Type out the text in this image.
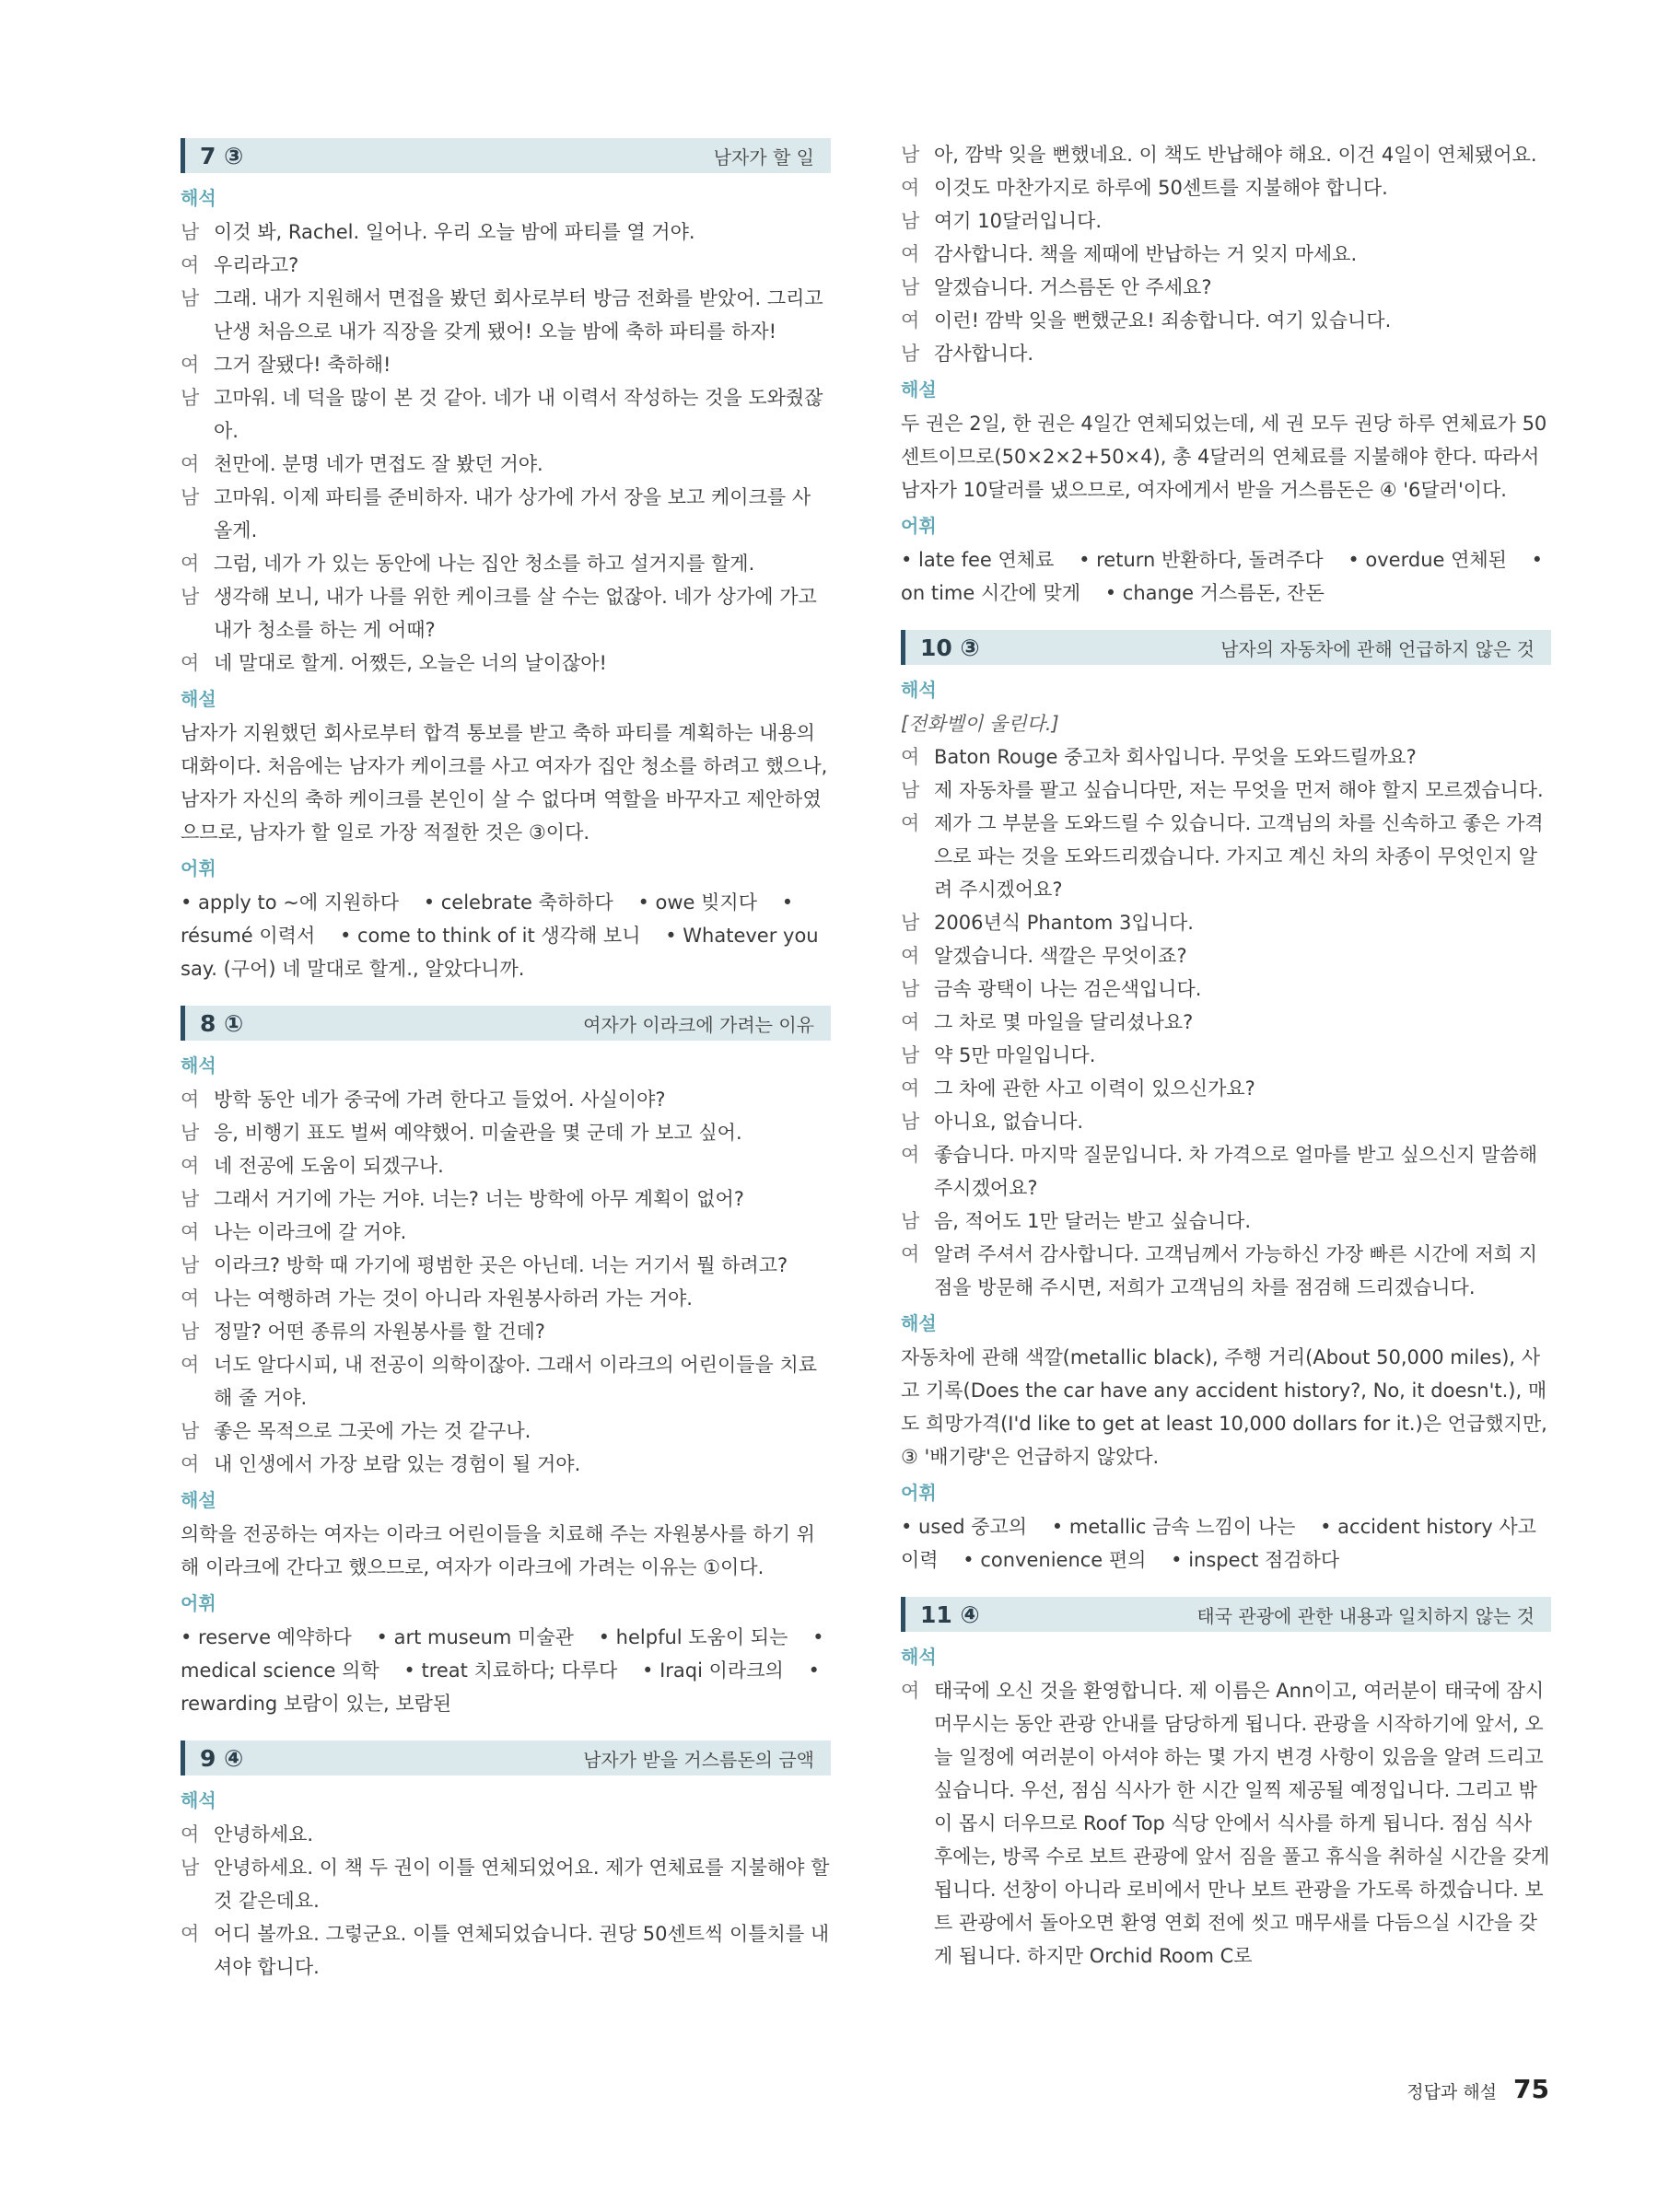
7 ③	남자가 할 일
해석
남 이것 봐, Rachel. 일어나. 우리 오늘 밤에 파티를 열 거야.
여 우리라고?
남 그래. 내가 지원해서 면접을 봤던 회사로부터 방금 전화를 받았어. 그리고 난생 처음으로 내가 직장을 갖게 됐어! 오늘 밤에 축하 파티를 하자!
여 그거 잘됐다! 축하해!
남 고마워. 네 덕을 많이 본 것 같아. 네가 내 이력서 작성하는 것을 도와줬잖아.
여 천만에. 분명 네가 면접도 잘 봤던 거야.
남 고마워. 이제 파티를 준비하자. 내가 상가에 가서 장을 보고 케이크를 사 올게.
여 그럼, 네가 가 있는 동안에 나는 집안 청소를 하고 설거지를 할게.
남 생각해 보니, 내가 나를 위한 케이크를 살 수는 없잖아. 네가 상가에 가고 내가 청소를 하는 게 어때?
여 네 말대로 할게. 어쨌든, 오늘은 너의 날이잖아!
해설
남자가 지원했던 회사로부터 합격 통보를 받고 축하 파티를 계획하는 내용의 대화이다. 처음에는 남자가 케이크를 사고 여자가 집안 청소를 하려고 했으나, 남자가 자신의 축하 케이크를 본인이 살 수 없다며 역할을 바꾸자고 제안하였으므로, 남자가 할 일로 가장 적절한 것은 ③이다.
어휘
• apply to ~에 지원하다 • celebrate 축하하다 • owe 빚지다 • résumé 이력서 • come to think of it 생각해 보니 • Whatever you say. (구어) 네 말대로 할게., 알았다니까.
8 ①	여자가 이라크에 가려는 이유
해석
여 방학 동안 네가 중국에 가려 한다고 들었어. 사실이야?
남 응, 비행기 표도 벌써 예약했어. 미술관을 몇 군데 가 보고 싶어.
여 네 전공에 도움이 되겠구나.
남 그래서 거기에 가는 거야. 너는? 너는 방학에 아무 계획이 없어?
여 나는 이라크에 갈 거야.
남 이라크? 방학 때 가기에 평범한 곳은 아닌데. 너는 거기서 뭘 하려고?
여 나는 여행하려 가는 것이 아니라 자원봉사하러 가는 거야.
남 정말? 어떤 종류의 자원봉사를 할 건데?
여 너도 알다시피, 내 전공이 의학이잖아. 그래서 이라크의 어린이들을 치료해 줄 거야.
남 좋은 목적으로 그곳에 가는 것 같구나.
여 내 인생에서 가장 보람 있는 경험이 될 거야.
해설
의학을 전공하는 여자는 이라크 어린이들을 치료해 주는 자원봉사를 하기 위해 이라크에 간다고 했으므로, 여자가 이라크에 가려는 이유는 ①이다.
어휘
• reserve 예약하다 • art museum 미술관 • helpful 도움이 되는 • medical science 의학 • treat 치료하다; 다루다 • Iraqi 이라크의 • rewarding 보람이 있는, 보람된
9 ④	남자가 받을 거스름돈의 금액
해석
여 안녕하세요.
남 안녕하세요. 이 책 두 권이 이틀 연체되었어요. 제가 연체료를 지불해야 할 것 같은데요.
여 어디 볼까요. 그렇군요. 이틀 연체되었습니다. 권당 50센트씩 이틀치를 내셔야 합니다.
남 아, 깜박 잊을 뻔했네요. 이 책도 반납해야 해요. 이건 4일이 연체됐어요.
여 이것도 마찬가지로 하루에 50센트를 지불해야 합니다.
남 여기 10달러입니다.
여 감사합니다. 책을 제때에 반납하는 거 잊지 마세요.
남 알겠습니다. 거스름돈 안 주세요?
여 이런! 깜박 잊을 뻔했군요! 죄송합니다. 여기 있습니다.
남 감사합니다.
해설
두 권은 2일, 한 권은 4일간 연체되었는데, 세 권 모두 권당 하루 연체료가 50센트이므로(50×2×2+50×4), 총 4달러의 연체료를 지불해야 한다. 따라서 남자가 10달러를 냈으므로, 여자에게서 받을 거스름돈은 ④ '6달러'이다.
어휘
• late fee 연체료 • return 반환하다, 돌려주다 • overdue 연체된 • on time 시간에 맞게 • change 거스름돈, 잔돈
10 ③	남자의 자동차에 관해 언급하지 않은 것
해석
[전화벨이 울린다.]
여 Baton Rouge 중고차 회사입니다. 무엇을 도와드릴까요?
남 제 자동차를 팔고 싶습니다만, 저는 무엇을 먼저 해야 할지 모르겠습니다.
여 제가 그 부분을 도와드릴 수 있습니다. 고객님의 차를 신속하고 좋은 가격으로 파는 것을 도와드리겠습니다. 가지고 계신 차의 차종이 무엇인지 알려 주시겠어요?
남 2006년식 Phantom 3입니다.
여 알겠습니다. 색깔은 무엇이죠?
남 금속 광택이 나는 검은색입니다.
여 그 차로 몇 마일을 달리셨나요?
남 약 5만 마일입니다.
여 그 차에 관한 사고 이력이 있으신가요?
남 아니요, 없습니다.
여 좋습니다. 마지막 질문입니다. 차 가격으로 얼마를 받고 싶으신지 말씀해 주시겠어요?
남 음, 적어도 1만 달러는 받고 싶습니다.
여 알려 주셔서 감사합니다. 고객님께서 가능하신 가장 빠른 시간에 저희 지점을 방문해 주시면, 저희가 고객님의 차를 점검해 드리겠습니다.
해설
자동차에 관해 색깔(metallic black), 주행 거리(About 50,000 miles), 사고 기록(Does the car have any accident history?, No, it doesn't.), 매도 희망가격(I'd like to get at least 10,000 dollars for it.)은 언급했지만, ③ '배기량'은 언급하지 않았다.
어휘
• used 중고의 • metallic 금속 느낌이 나는 • accident history 사고 이력 • convenience 편의 • inspect 점검하다
11 ④	태국 관광에 관한 내용과 일치하지 않는 것
해석
여 태국에 오신 것을 환영합니다. 제 이름은 Ann이고, 여러분이 태국에 잠시 머무시는 동안 관광 안내를 담당하게 됩니다. 관광을 시작하기에 앞서, 오늘 일정에 여러분이 아셔야 하는 몇 가지 변경 사항이 있음을 알려 드리고 싶습니다. 우선, 점심 식사가 한 시간 일찍 제공될 예정입니다. 그리고 밖이 몹시 더우므로 Roof Top 식당 안에서 식사를 하게 됩니다. 점심 식사 후에는, 방콕 수로 보트 관광에 앞서 짐을 풀고 휴식을 취하실 시간을 갖게 됩니다. 선창이 아니라 로비에서 만나 보트 관광을 가도록 하겠습니다. 보트 관광에서 돌아오면 환영 연회 전에 씻고 매무새를 다듬으실 시간을 갖게 됩니다. 하지만 Orchid Room C로
정답과 해설 75
